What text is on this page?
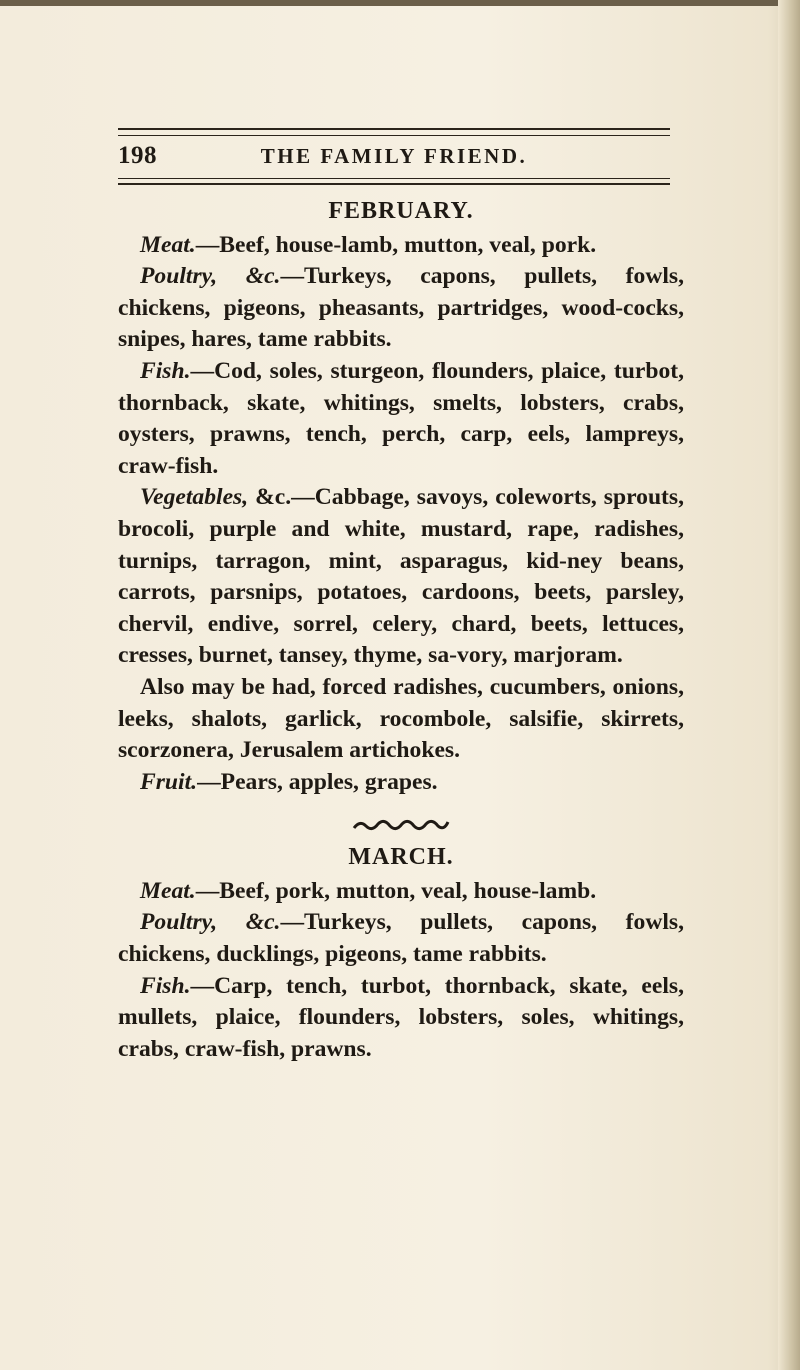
198	THE FAMILY FRIEND.
FEBRUARY.

Meat.—Beef, house-lamb, mutton, veal, pork.

Poultry, &c.—Turkeys, capons, pullets, fowls, chickens, pigeons, pheasants, partridges, wood-cocks, snipes, hares, tame rabbits.

Fish.—Cod, soles, sturgeon, flounders, plaice, turbot, thornback, skate, whitings, smelts, lobsters, crabs, oysters, prawns, tench, perch, carp, eels, lampreys, craw-fish.

Vegetables, &c.—Cabbage, savoys, coleworts, sprouts, brocoli, purple and white, mustard, rape, radishes, turnips, tarragon, mint, asparagus, kid-ney beans, carrots, parsnips, potatoes, cardoons, beets, parsley, chervil, endive, sorrel, celery, chard, beets, lettuces, cresses, burnet, tansey, thyme, sa-vory, marjoram.

Also may be had, forced radishes, cucumbers, onions, leeks, shalots, garlick, rocombole, salsifie, skirrets, scorzonera, Jerusalem artichokes.

Fruit.—Pears, apples, grapes.

MARCH.

Meat.—Beef, pork, mutton, veal, house-lamb.

Poultry, &c.—Turkeys, pullets, capons, fowls, chickens, ducklings, pigeons, tame rabbits.

Fish.—Carp, tench, turbot, thornback, skate, eels, mullets, plaice, flounders, lobsters, soles, whitings, crabs, craw-fish, prawns.
